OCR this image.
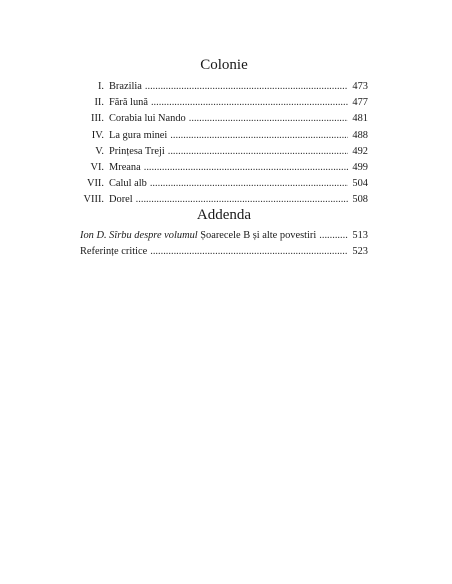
Colonie
I. Brazilia . . .	473
II. Fără lună . . .	477
III. Corabia lui Nando . . .	481
IV. La gura minei . . .	488
V. Prințesa Treji . . .	492
VI. Mreana . . .	499
VII. Calul alb . . .	504
VIII. Dorel . . .	508
Addenda
Ion D. Sîrbu despre volumul Șoarecele B și alte povestiri . . .	513
Referințe critice . . .	523
